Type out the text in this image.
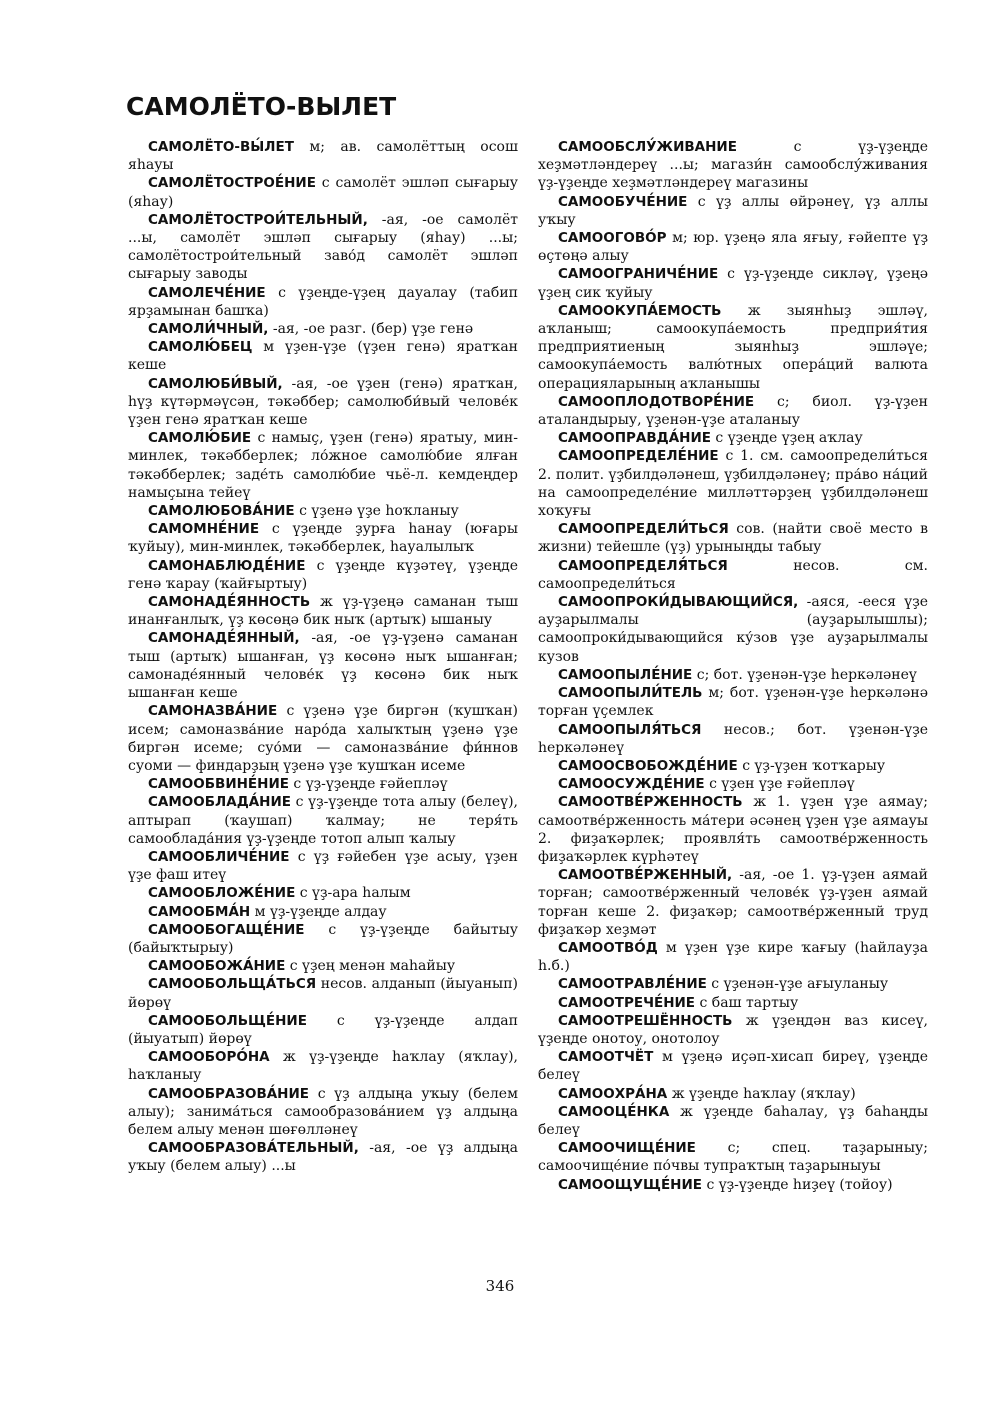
САМОЛЁТО-ВЫЛЕТ

САМОЛЁТО-ВЫ́ЛЕТ м; ав. самолёттың осош яһауы

САМОЛЁТОСТРОЕ́НИЕ с самолёт эшләп сығарыу (яһау)

САМОЛЁТОСТРОИ́ТЕЛЬНЫЙ, -ая, -ое самолёт ...ы, самолёт эшләп сығарыу (яһау) ...ы; самолётострои́тельный заво́д самолёт эшләп сығарыу заводы

САМОЛЕЧЕ́НИЕ с үҙеңде-үҙең дауалау (табип ярҙамынан башҡа)

САМОЛИ́ЧНЫЙ, -ая, -ое разг. (бер) үҙе генә

САМОЛЮ́БЕЦ м үҙен-үҙе (үҙен генә) яратҡан кеше

САМОЛЮБИ́ВЫЙ, -ая, -ое үҙен (генә) яратҡан, һүҙ күтәрмәүсән, тәкәббер; самолюби́вый челове́к үҙен генә яратҡан кеше

САМОЛЮ́БИЕ с намыҫ, үҙен (генә) яратыу, мин-минлек, тәкәбберлек; ло́жное самолю́бие ялған тәкәбберлек; заде́ть самолю́бие чьё-л. кемдеңдер намыҫына тейеү

САМОЛЮБОВА́НИЕ с үҙенә үҙе һоҡланыу

САМОМНЕ́НИЕ с үҙеңде ҙурға һанау (юғары ҡуйыу), мин-минлек, тәкәбберлек, һауалылыҡ

САМОНАБЛЮДЕ́НИЕ с үҙеңде күҙәтеү, үҙеңде генә ҡарау (ҡайғыртыу)

САМОНАДЕ́ЯННОСТЬ ж үҙ-үҙеңә саманан тыш инанғанлыҡ, үҙ көсөңә бик ныҡ (артыҡ) ышаныу

САМОНАДЕ́ЯННЫЙ, -ая, -ое үҙ-үҙенә саманан тыш (артыҡ) ышанған, үҙ көсөнә ныҡ ышанған; самонаде́янный челове́к үҙ көсөнә бик ныҡ ышанған кеше

САМОНАЗВА́НИЕ с үҙенә үҙе биргән (ҡушҡан) исем; самоназва́ние наро́да халыҡтың үҙенә үҙе биргән исеме; суо́ми — самоназва́ние фи́ннов суоми — финдарҙың үҙенә үҙе ҡушҡан исеме

САМООБВИНЕ́НИЕ с үҙ-үҙеңде ғәйепләү

САМООБЛАДА́НИЕ с үҙ-үҙеңде тота алыу (белеү), аптырап (ҡаушап) ҡалмау; не теря́ть самооблада́ния үҙ-үҙеңде тотоп алып ҡалыу

САМООБЛИЧЕ́НИЕ с үҙ ғәйебен үҙе асыу, үҙен үҙе фаш итеү

САМООБЛОЖЕ́НИЕ с үҙ-ара һалым

САМООБМА́Н м үҙ-үҙеңде алдау

САМООБОГАЩЕ́НИЕ с үҙ-үҙеңде байытыу (байыҡтырыу)

САМООБОЖА́НИЕ с үҙең менән маһайыу

САМООБОЛЬЩА́ТЬСЯ несов. алданып (йыуанып) йөрөү

САМООБОЛЬЩЕ́НИЕ с үҙ-үҙеңде алдап (йыуатып) йөрөү

САМООБОРО́НА ж үҙ-үҙеңде һаҡлау (яҡлау), һаҡланыу

САМООБРАЗОВА́НИЕ с үҙ алдыңа уҡыу (белем алыу); занима́ться самообразова́нием үҙ алдыңа белем алыу менән шөғөлләнеү

САМООБРАЗОВА́ТЕЛЬНЫЙ, -ая, -ое үҙ алдыңа уҡыу (белем алыу) ...ы

САМООБСЛУ́ЖИВАНИЕ с үҙ-үҙеңде хеҙмәтләндереү ...ы; магази́н самообслу́живания үҙ-үҙеңде хеҙмәтләндереү магазины

САМООБУЧЕ́НИЕ с үҙ аллы өйрәнеү, үҙ аллы уҡыу

САМООГОВО́Р м; юр. үҙеңә яла яғыу, ғәйепте үҙ өҫтөңә алыу

САМООГРАНИЧЕ́НИЕ с үҙ-үҙеңде сикләү, үҙеңә үҙең сик ҡуйыу

САМООКУПА́ЕМОСТЬ ж зыянһыҙ эшләү, аҡланыш; самоокупа́емость предприя́тия предприятиеның зыянһыҙ эшләүе; самоокупа́емость валю́тных опера́ций валюта операцияларының аҡланышы

САМООПЛОДОТВОРЕ́НИЕ с; биол. үҙ-үҙен аталандырыу, үҙенән-үҙе аталаныу

САМООПРАВДА́НИЕ с үҙеңде үҙең аҡлау

САМООПРЕДЕЛЕ́НИЕ с 1. см. самоопредели́ться 2. полит. үҙбилдәләнеш, үҙбилдәләнеү; пра́во на́ций на самоопределе́ние милләттәрҙең үҙбилдәләнеш хоҡуғы

САМООПРЕДЕЛИ́ТЬСЯ сов. (найти своё место в жизни) тейешле (үҙ) урыныңды табыу

САМООПРЕДЕЛЯ́ТЬСЯ несов. см. самоопредели́ться

САМООПРОКИ́ДЫВАЮЩИЙСЯ, -аяся, -ееся үҙе ауҙарылмалы (ауҙарылышлы); самоопроки́дывающийся ку́зов үҙе ауҙарылмалы кузов

САМООПЫЛЕ́НИЕ с; бот. үҙенән-үҙе һеркәләнеү

САМООПЫЛИ́ТЕЛЬ м; бот. үҙенән-үҙе һеркәләнә торған үҫемлек

САМООПЫЛЯ́ТЬСЯ несов.; бот. үҙенән-үҙе һеркәләнеү

САМООСВОБОЖДЕ́НИЕ с үҙ-үҙен ҡотҡарыу

САМООСУЖДЕ́НИЕ с үҙен үҙе ғәйепләү

САМООТВЕ́РЖЕННОСТЬ ж 1. үҙен үҙе аямау; самоотве́рженность ма́тери әсәнең үҙен үҙе аямауы 2. фиҙаҡәрлек; проявля́ть самоотве́рженность фиҙаҡәрлек күрһәтеү

САМООТВЕ́РЖЕННЫЙ, -ая, -ое 1. үҙ-үҙен аямай торған; самоотве́рженный челове́к үҙ-үҙен аямай торған кеше 2. фиҙаҡәр; самоотве́рженный труд фиҙаҡәр хеҙмәт

САМООТВО́Д м үҙен үҙе кире ҡағыу (һайлауҙа һ.б.)

САМООТРАВЛЕ́НИЕ с үҙенән-үҙе ағыуланыу

САМООТРЕЧЕ́НИЕ с баш тартыу

САМООТРЕШЁННОСТЬ ж үҙеңдән ваз кисеү, үҙеңде онотоу, онотолоу

САМООТЧЁТ м үҙеңә иҫәп-хисап биреү, үҙеңде белеү

САМООХРА́НА ж үҙеңде һаҡлау (яҡлау)

САМООЦЕ́НКА ж үҙеңде баһалау, үҙ баһаңды белеү

САМООЧИЩЕ́НИЕ с; спец. таҙарыныу; самоочище́ние по́чвы тупраҡтың таҙарыныуы

САМООЩУЩЕ́НИЕ с үҙ-үҙеңде һиҙеү (тойоу)

346
